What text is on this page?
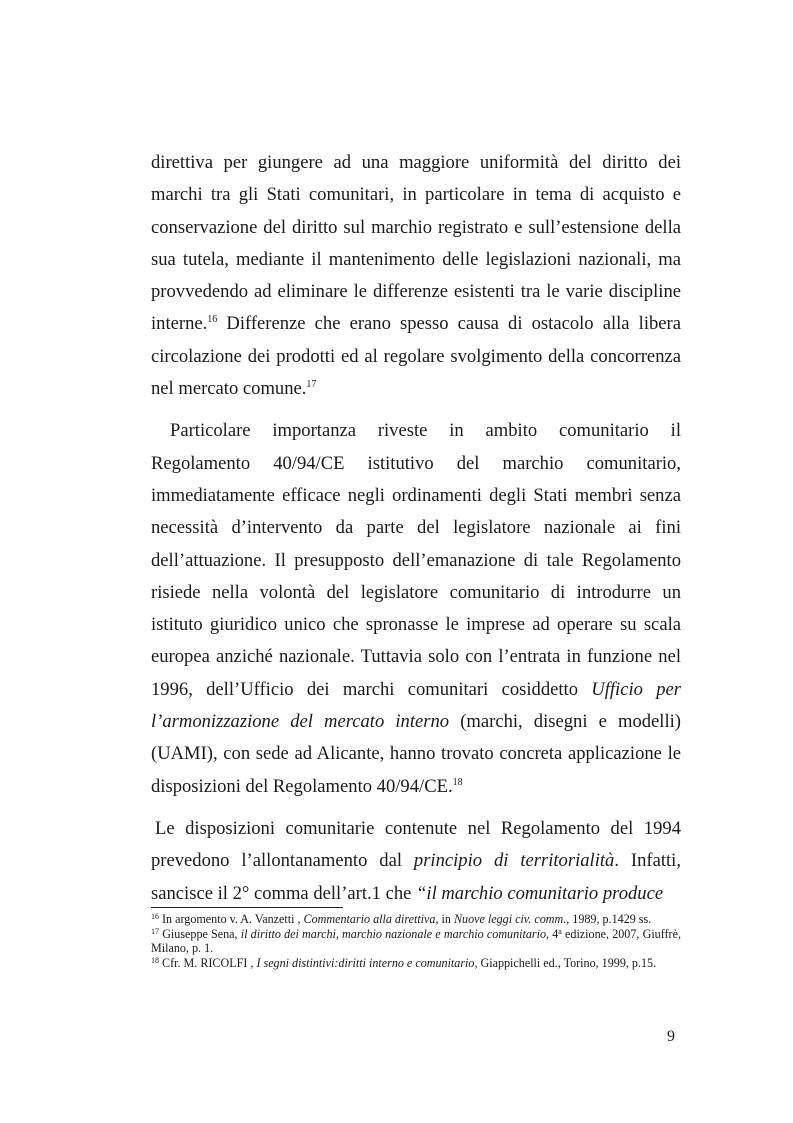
direttiva per giungere ad una maggiore uniformità del diritto dei marchi tra gli Stati comunitari, in particolare in tema di acquisto e conservazione del diritto sul marchio registrato e sull’estensione della sua tutela, mediante il mantenimento delle legislazioni nazionali, ma provvedendo ad eliminare le differenze esistenti tra le varie discipline interne.$^{16}$ Differenze che erano spesso causa di ostacolo alla libera circolazione dei prodotti ed al regolare svolgimento della concorrenza nel mercato comune.$^{17}$

Particolare importanza riveste in ambito comunitario il Regolamento 40/94/CE istitutivo del marchio comunitario, immediatamente efficace negli ordinamenti degli Stati membri senza necessità d’intervento da parte del legislatore nazionale ai fini dell’attuazione. Il presupposto dell’emanazione di tale Regolamento risiede nella volontà del legislatore comunitario di introdurre un istituto giuridico unico che spronasse le imprese ad operare su scala europea anziché nazionale. Tuttavia solo con l’entrata in funzione nel 1996, dell’Ufficio dei marchi comunitari cosiddetto Ufficio per l’armonizzazione del mercato interno (marchi, disegni e modelli) (UAMI), con sede ad Alicante, hanno trovato concreta applicazione le disposizioni del Regolamento 40/94/CE.$^{18}$

Le disposizioni comunitarie contenute nel Regolamento del 1994 prevedono l’allontanamento dal principio di territorialità. Infatti, sancisce il 2° comma dell’art.1 che “il marchio comunitario produce

$^{16}$ In argomento v. A. Vanzetti , Commentario alla direttiva, in Nuove leggi civ. comm., 1989, p.1429 ss.

$^{17}$ Giuseppe Sena, il diritto dei marchi, marchio nazionale e marchio comunitario, 4$^a$ edizione, 2007, Giuffrè, Milano, p. 1.

$^{18}$ Cfr. M. RICOLFI , I segni distintivi:diritti interno e comunitario, Giappichelli ed., Torino, 1999, p.15.

9
